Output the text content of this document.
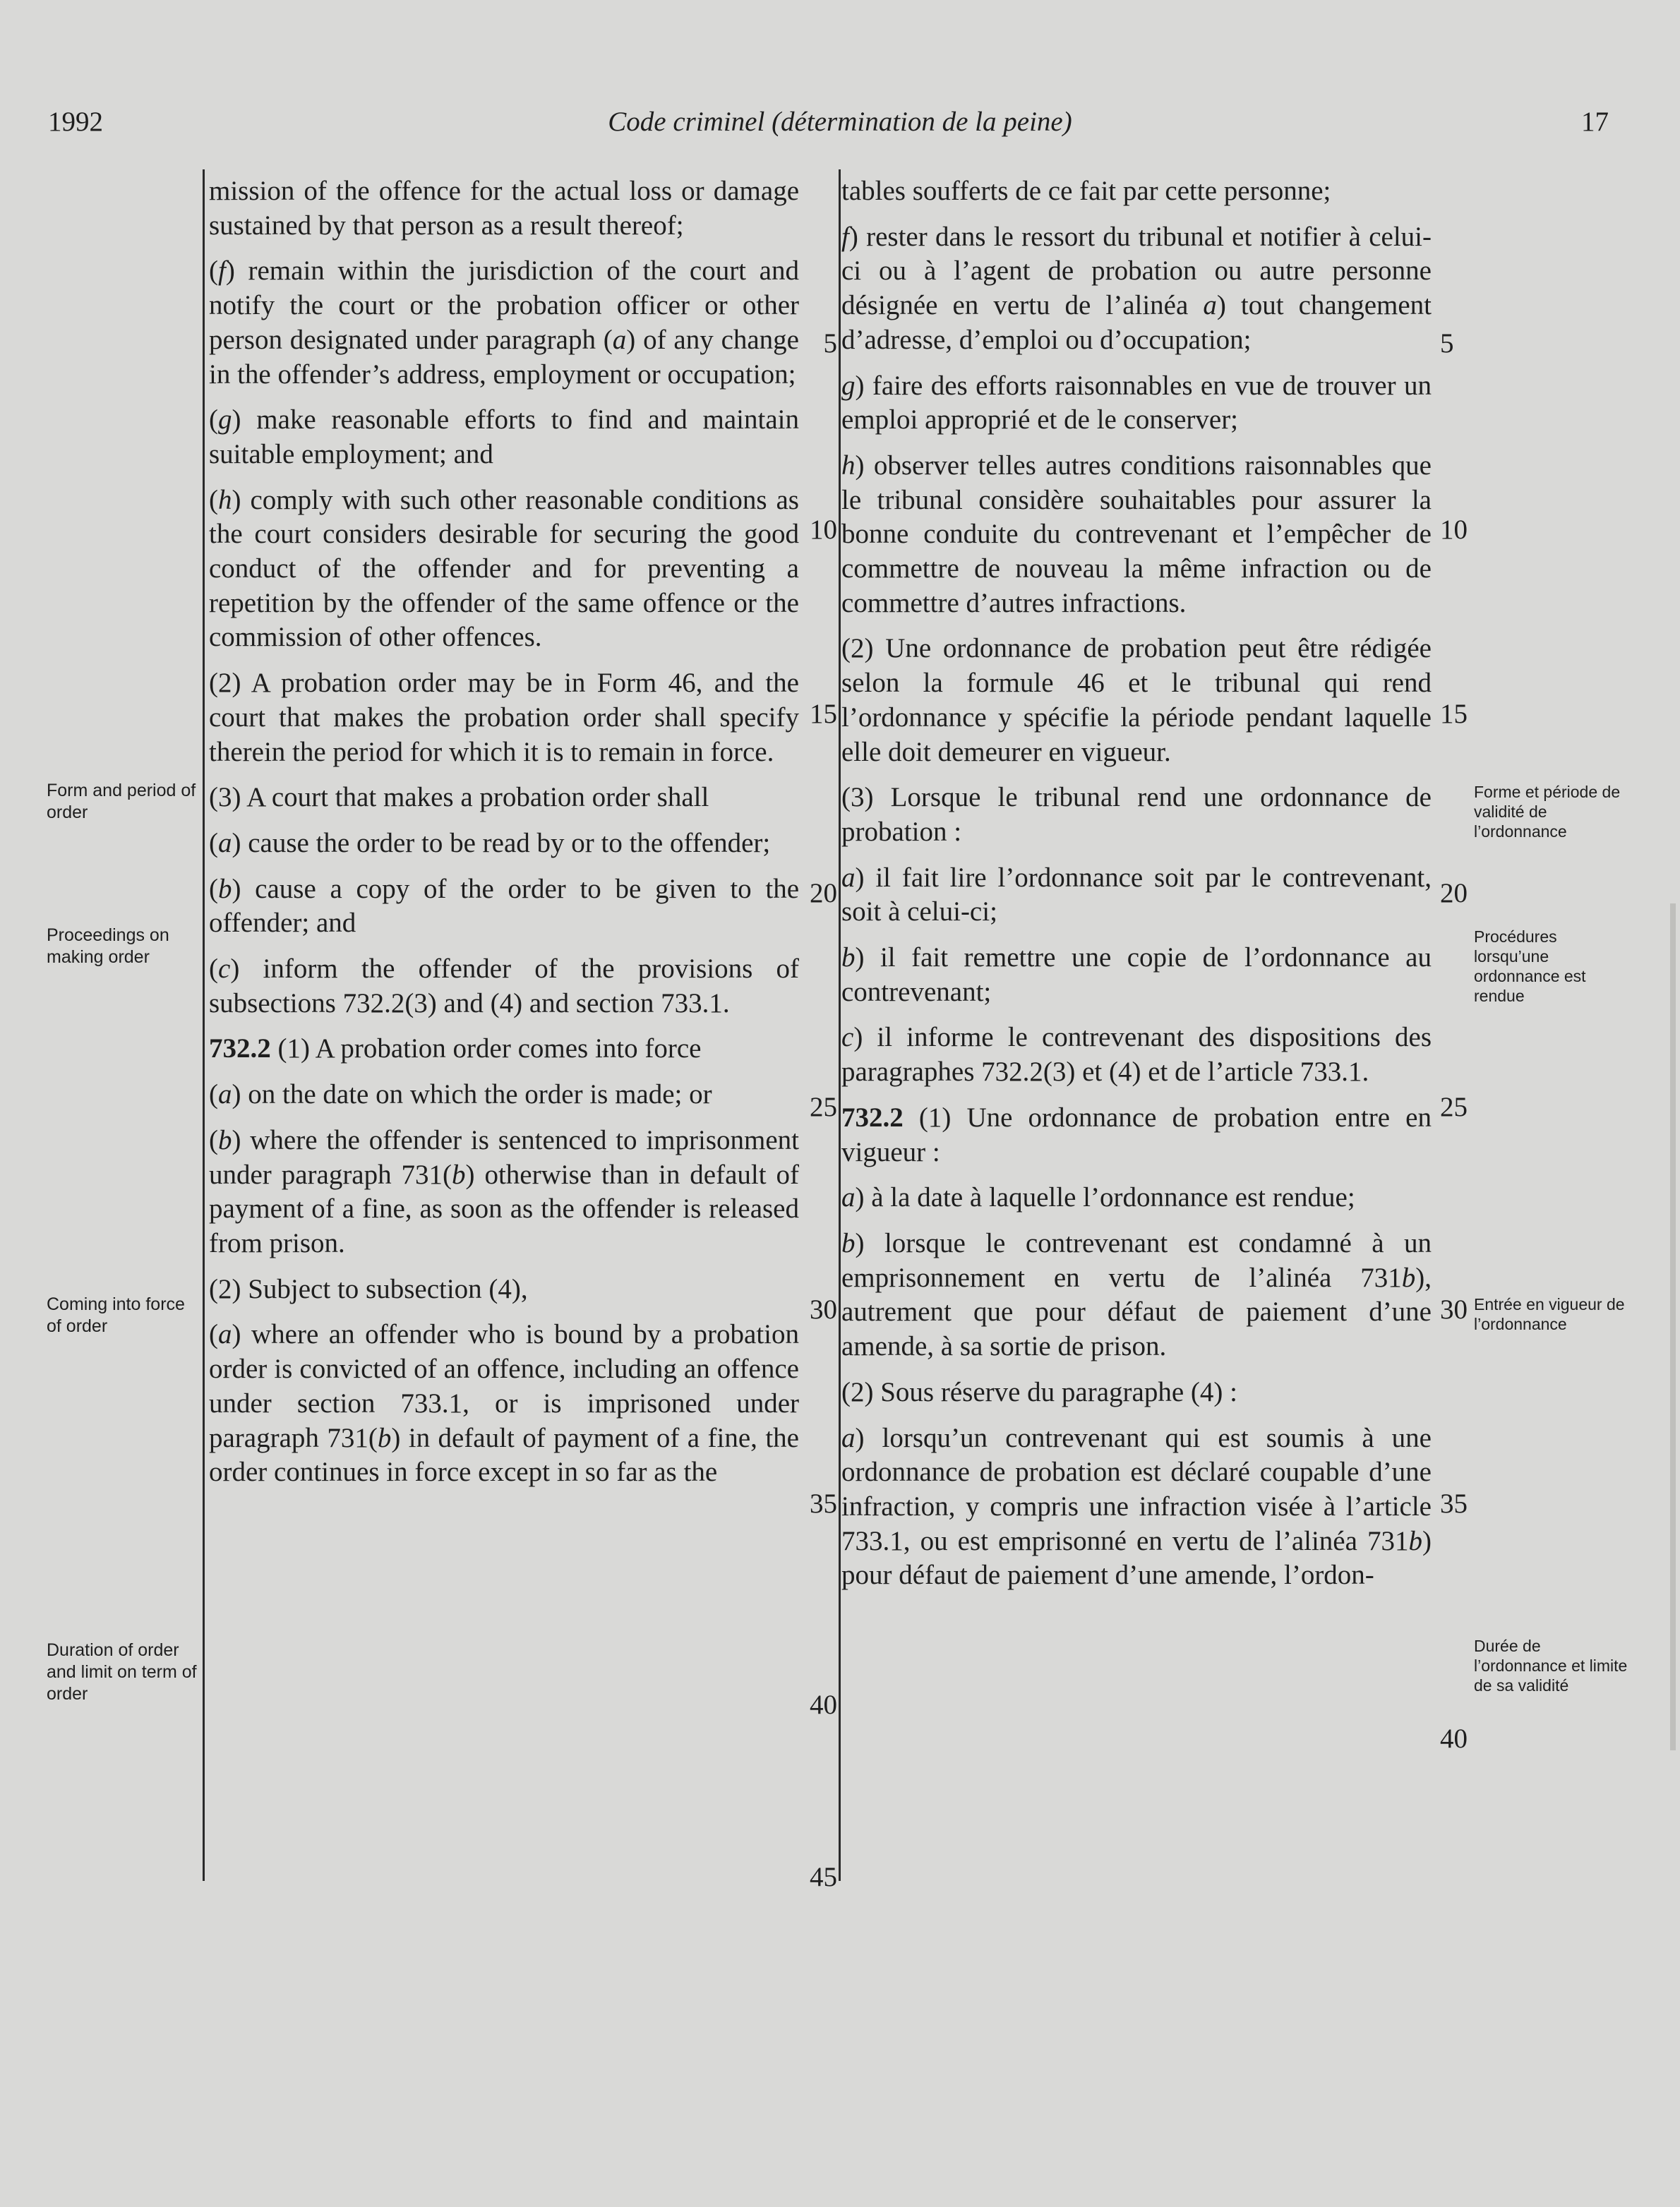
1992	Code criminel (détermination de la peine)	17

mission of the offence for the actual loss or damage sustained by that person as a result thereof;

(f) remain within the jurisdiction of the court and notify the court or the probation officer or other person designated under paragraph (a) of any change in the offender’s address, employment or occupation;

(g) make reasonable efforts to find and maintain suitable employment; and

(h) comply with such other reasonable conditions as the court considers desirable for securing the good conduct of the offender and for preventing a repetition by the offender of the same offence or the commission of other offences.

(2) A probation order may be in Form 46, and the court that makes the probation order shall specify therein the period for which it is to remain in force.

(3) A court that makes a probation order shall

(a) cause the order to be read by or to the offender;

(b) cause a copy of the order to be given to the offender; and

(c) inform the offender of the provisions of subsections 732.2(3) and (4) and section 733.1.

732.2 (1) A probation order comes into force

(a) on the date on which the order is made; or

(b) where the offender is sentenced to imprisonment under paragraph 731(b) otherwise than in default of payment of a fine, as soon as the offender is released from prison.

(2) Subject to subsection (4),

(a) where an offender who is bound by a probation order is convicted of an offence, including an offence under section 733.1, or is imprisoned under paragraph 731(b) in default of payment of a fine, the order continues in force except in so far as the

tables soufferts de ce fait par cette personne;

f) rester dans le ressort du tribunal et notifier à celui-ci ou à l’agent de probation ou autre personne désignée en vertu de l’alinéa a) tout changement d’adresse, d’emploi ou d’occupation;

g) faire des efforts raisonnables en vue de trouver un emploi approprié et de le conserver;

h) observer telles autres conditions raisonnables que le tribunal considère souhaitables pour assurer la bonne conduite du contrevenant et l’empêcher de commettre de nouveau la même infraction ou de commettre d’autres infractions.

(2) Une ordonnance de probation peut être rédigée selon la formule 46 et le tribunal qui rend l’ordonnance y spécifie la période pendant laquelle elle doit demeurer en vigueur.

(3) Lorsque le tribunal rend une ordonnance de probation :

a) il fait lire l’ordonnance soit par le contrevenant, soit à celui-ci;

b) il fait remettre une copie de l’ordonnance au contrevenant;

c) il informe le contrevenant des dispositions des paragraphes 732.2(3) et (4) et de l’article 733.1.

732.2 (1) Une ordonnance de probation entre en vigueur :

a) à la date à laquelle l’ordonnance est rendue;

b) lorsque le contrevenant est condamné à un emprisonnement en vertu de l’alinéa 731b), autrement que pour défaut de paiement d’une amende, à sa sortie de prison.

(2) Sous réserve du paragraphe (4) :

a) lorsqu’un contrevenant qui est soumis à une ordonnance de probation est déclaré coupable d’une infraction, y compris une infraction visée à l’article 733.1, ou est emprisonné en vertu de l’alinéa 731b) pour défaut de paiement d’une amende, l’ordon-

5
10
15
20
25
30
35
40
45
5
10
15
20
25
30
35
40
Form and period of order
Proceedings on making order
Coming into force of order
Duration of order and limit on term of order
Forme et période de validité de l’ordonnance
Procédures lorsqu’une ordonnance est rendue
Entrée en vigueur de l’ordonnance
Durée de l’ordonnance et limite de sa validité
